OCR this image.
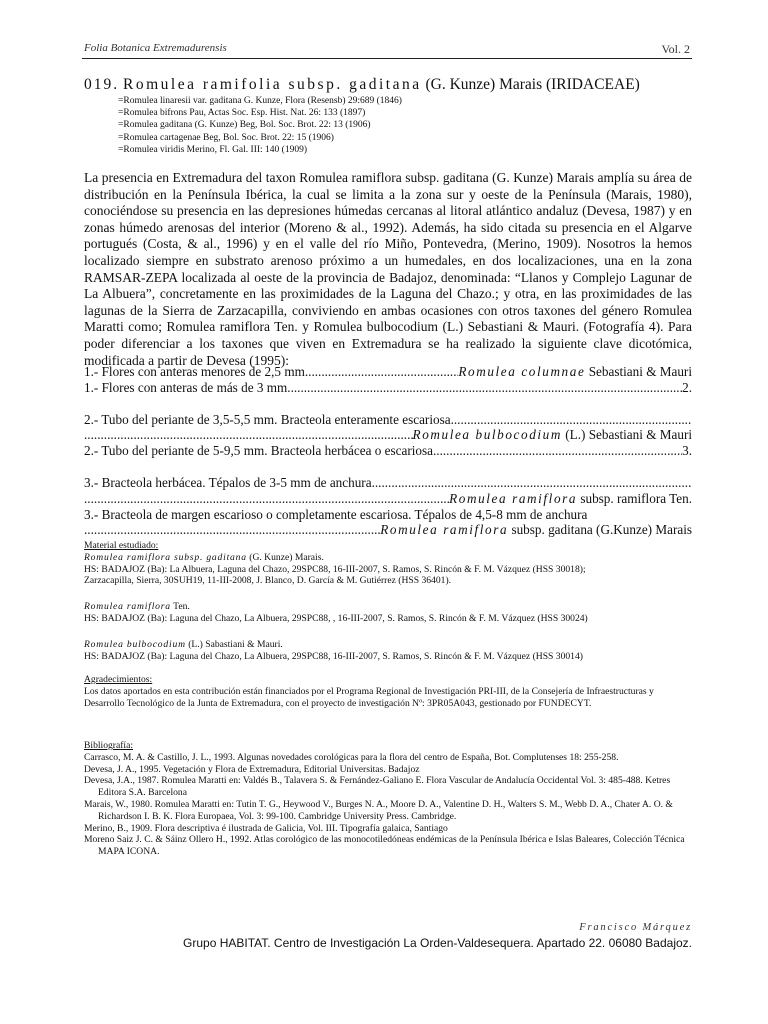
Folia Botanica Extremadurensis	Vol. 2
019. Romulea ramifolia subsp. gaditana (G. Kunze) Marais (IRIDACEAE)
=Romulea linaresii var. gaditana G. Kunze, Flora (Resensb) 29:689 (1846)
=Romulea bifrons Pau, Actas Soc. Esp. Hist. Nat. 26: 133 (1897)
=Romulea gaditana (G. Kunze) Beg, Bol. Soc. Brot. 22: 13 (1906)
=Romulea cartagenae Beg, Bol. Soc. Brot. 22: 15 (1906)
=Romulea viridis Merino, Fl. Gal. III: 140 (1909)
La presencia en Extremadura del taxon Romulea ramiflora subsp. gaditana (G. Kunze) Marais amplía su área de distribución en la Península Ibérica, la cual se limita a la zona sur y oeste de la Península (Marais, 1980), conociéndose su presencia en las depresiones húmedas cercanas al litoral atlántico andaluz (Devesa, 1987) y en zonas húmedo arenosas del interior (Moreno & al., 1992). Además, ha sido citada su presencia en el Algarve portugués (Costa, & al., 1996) y en el valle del río Miño, Pontevedra, (Merino, 1909). Nosotros la hemos localizado siempre en substrato arenoso próximo a un humedales, en dos localizaciones, una en la zona RAMSAR-ZEPA localizada al oeste de la provincia de Badajoz, denominada: “Llanos y Complejo Lagunar de La Albuera”, concretamente en las proximidades de la Laguna del Chazo.; y otra, en las proximidades de las lagunas de la Sierra de Zarzacapilla, conviviendo en ambas ocasiones con otros taxones del género Romulea Maratti como; Romulea ramiflora Ten. y Romulea bulbocodium (L.) Sebastiani & Mauri. (Fotografía 4). Para poder diferenciar a los taxones que viven en Extremadura se ha realizado la siguiente clave dicotómica, modificada a partir de Devesa (1995):
1.- Flores con anteras menores de 2,5 mm .....	Romulea columnae
Sebastiani & Mauri
1.- Flores con anteras de más de 3 mm .....	2.
2.- Tubo del periante de 3,5-5,5 mm. Bracteola enteramente escariosa
.....
.....
Romulea bulbocodium
(L.) Sebastiani & Mauri
2.- Tubo del periante de 5-9,5 mm. Bracteola herbácea o escariosa .....	3.
3.- Bracteola herbácea. Tépalos de 3-5 mm de anchura
.....
.....
Romulea ramiflora
subsp. ramiflora Ten.
3.- Bracteola de margen escarioso o completamente escariosa. Tépalos de 4,5-8 mm de anchura
.....
Romulea ramiflora
subsp. gaditana (G.Kunze) Marais
Material estudiado:
Romulea ramiflora subsp. gaditana (G. Kunze) Marais.
HS: BADAJOZ (Ba): La Albuera, Laguna del Chazo, 29SPC88, 16-III-2007, S. Ramos, S. Rincón & F. M. Vázquez (HSS 30018);
Zarzacapilla, Sierra, 30SUH19, 11-III-2008, J. Blanco, D. García & M. Gutiérrez (HSS 36401).
Romulea ramiflora Ten.
HS: BADAJOZ (Ba): Laguna del Chazo, La Albuera, 29SPC88, , 16-III-2007, S. Ramos, S. Rincón & F. M. Vázquez (HSS 30024)
Romulea bulbocodium (L.) Sabastiani & Mauri.
HS: BADAJOZ (Ba): Laguna del Chazo, La Albuera, 29SPC88, 16-III-2007, S. Ramos, S. Rincón & F. M. Vázquez (HSS 30014)
Agradecimientos:
Los datos aportados en esta contribución están financiados por el Programa Regional de Investigación PRI-III, de la Consejería de Infraestructuras y Desarrollo Tecnológico de la Junta de Extremadura, con el proyecto de investigación Nº: 3PR05A043, gestionado por FUNDECYT.
Bibliografía:

Carrasco, M. A. & Castillo, J. L., 1993. Algunas novedades corológicas para la flora del centro de España, Bot. Complutenses 18: 255-258.

Devesa, J. A., 1995. Vegetación y Flora de Extremadura, Editorial Universitas. Badajoz

Devesa, J.A., 1987. Romulea Maratti en: Valdés B., Talavera S. & Fernández-Galiano E. Flora Vascular de Andalucía Occidental Vol. 3: 485-488. Ketres Editora S.A. Barcelona

Marais, W., 1980. Romulea Maratti en: Tutin T. G., Heywood V., Burges N. A., Moore D. A., Valentine D. H., Walters S. M., Webb D. A., Chater A. O. & Richardson I. B. K. Flora Europaea, Vol. 3: 99-100. Cambridge University Press. Cambridge.

Merino, B., 1909. Flora descriptiva é ilustrada de Galicia, Vol. III. Tipografía galaica, Santiago

Moreno Saiz J. C. & Sáinz Ollero H., 1992. Atlas corológico de las monocotiledóneas endémicas de la Península Ibérica e Islas Baleares, Colección Técnica MAPA ICONA.

Francisco Márquez
Grupo HABITAT. Centro de Investigación La Orden-Valdesequera. Apartado 22. 06080 Badajoz.
